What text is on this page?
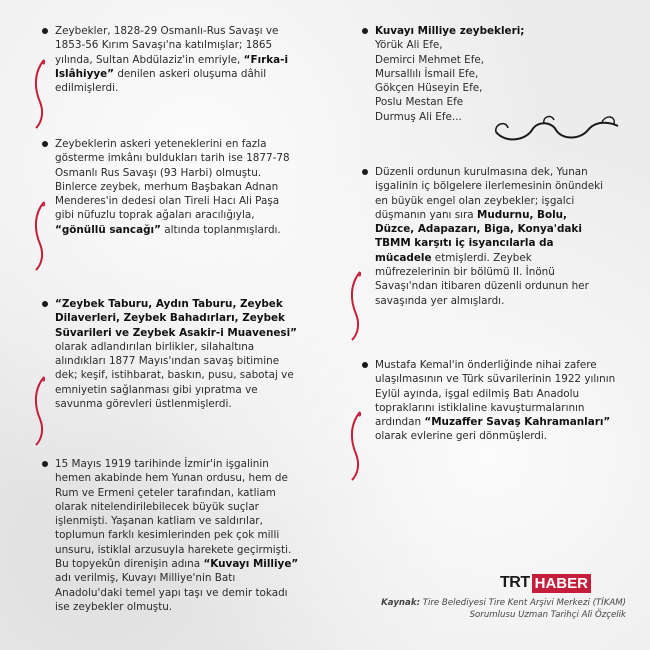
Zeybekler, 1828-29 Osmanlı-Rus Savaşı ve 1853-56 Kırım Savaşı'na katılmışlar; 1865 yılında, Sultan Abdülaziz'in emriyle, “Fırka-i Islâhiyye” denilen askeri oluşuma dâhil edilmişlerdi.

Zeybeklerin askeri yeteneklerini en fazla gösterme imkânı buldukları tarih ise 1877-78 Osmanlı Rus Savaşı (93 Harbi) olmuştu. Binlerce zeybek, merhum Başbakan Adnan Menderes'in dedesi olan Tireli Hacı Ali Paşa gibi nüfuzlu toprak ağaları aracılığıyla, “gönüllü sancağı” altında toplanmışlardı.

“Zeybek Taburu, Aydın Taburu, Zeybek Dilaverleri, Zeybek Bahadırları, Zeybek Süvarileri ve Zeybek Asakir-i Muavenesi” olarak adlandırılan birlikler, silahaltına alındıkları 1877 Mayıs'ından savaş bitimine dek; keşif, istihbarat, baskın, pusu, sabotaj ve emniyetin sağlanması gibi yıpratma ve savunma görevleri üstlenmişlerdi.

15 Mayıs 1919 tarihinde İzmir'in işgalinin hemen akabinde hem Yunan ordusu, hem de Rum ve Ermeni çeteler tarafından, katliam olarak nitelendirilebilecek büyük suçlar işlenmişti. Yaşanan katliam ve saldırılar, toplumun farklı kesimlerinden pek çok milli unsuru, istiklal arzusuyla harekete geçirmişti. Bu topyekûn direnişin adına “Kuvayı Milliye” adı verilmiş, Kuvayı Milliye'nin Batı Anadolu'daki temel yapı taşı ve demir tokadı ise zeybekler olmuştu.

Kuvayı Milliye zeybekleri;

Yörük Ali Efe,

Demirci Mehmet Efe,

Mursallılı İsmail Efe,

Gökçen Hüseyin Efe,

Poslu Mestan Efe

Durmuş Ali Efe...

Düzenli ordunun kurulmasına dek, Yunan işgalinin iç bölgelere ilerlemesinin önündeki en büyük engel olan zeybekler; işgalci düşmanın yanı sıra Mudurnu, Bolu, Düzce, Adapazarı, Biga, Konya'daki TBMM karşıtı iç isyancılarla da mücadele etmişlerdi. Zeybek müfrezelerinin bir bölümü II. İnönü Savaşı'ndan itibaren düzenli ordunun her savaşında yer almışlardı.

Mustafa Kemal'in önderliğinde nihai zafere ulaşılmasının ve Türk süvarilerinin 1922 yılının Eylül ayında, işgal edilmiş Batı Anadolu topraklarını istiklaline kavuşturmalarının ardından “Muzaffer Savaş Kahramanları” olarak evlerine geri dönmüşlerdi.

TRT HABER
Kaynak: Tire Belediyesi Tire Kent Arşivi Merkezi (TİKAM) Sorumlusu Uzman Tarihçi Ali Özçelik
